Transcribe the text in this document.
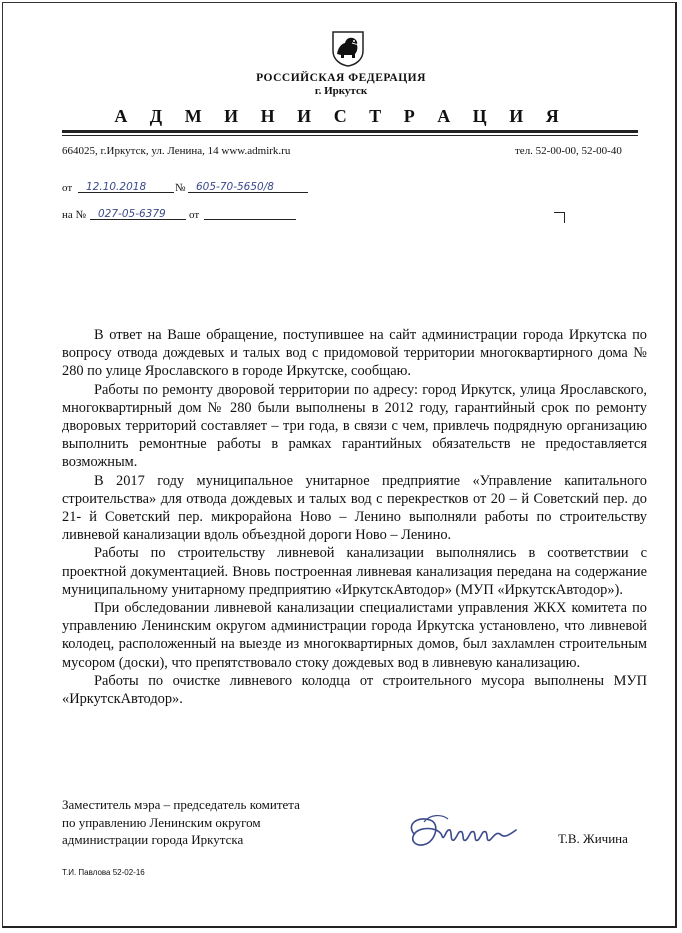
РОССИЙСКАЯ ФЕДЕРАЦИЯ
г. Иркутск
А Д М И Н И С Т Р А Ц И Я
664025, г.Иркутск, ул. Ленина, 14 www.admirk.ru	тел. 52-00-00, 52-00-40
от	12.10.2018	№	605-70-5650/8
на №	027-05-6379	от

В ответ на Ваше обращение, поступившее на сайт администрации города Иркутска по вопросу отвода дождевых и талых вод с придомовой территории многоквартирного дома № 280 по улице Ярославского в городе Иркутске, сообщаю.

Работы по ремонту дворовой территории по адресу: город Иркутск, улица Ярославского, многоквартирный дом № 280 были выполнены в 2012 году, гарантийный срок по ремонту дворовых территорий составляет – три года, в связи с чем, привлечь подрядную организацию выполнить ремонтные работы в рамках гарантийных обязательств не предоставляется возможным.

В 2017 году муниципальное унитарное предприятие «Управление капитального строительства» для отвода дождевых и талых вод с перекрестков от 20 – й Советский пер. до 21- й Советский пер. микрорайона Ново – Ленино выполняли работы по строительству ливневой канализации вдоль объездной дороги Ново – Ленино.

Работы по строительству ливневой канализации выполнялись в соответствии с проектной документацией. Вновь построенная ливневая канализация передана на содержание муниципальному унитарному предприятию «ИркутскАвтодор» (МУП «ИркутскАвтодор»).

При обследовании ливневой канализации специалистами управления ЖКХ комитета по управлению Ленинским округом администрации города Иркутска установлено, что ливневой колодец, расположенный на выезде из многоквартирных домов, был захламлен строительным мусором (доски), что препятствовало стоку дождевых вод в ливневую канализацию.

Работы по очистке ливневого колодца от строительного мусора выполнены МУП «ИркутскАвтодор».

Заместитель мэра – председатель комитета
по управлению Ленинским округом
администрации города Иркутска	Т.В. Жичина
Т.И. Павлова 52-02-16
